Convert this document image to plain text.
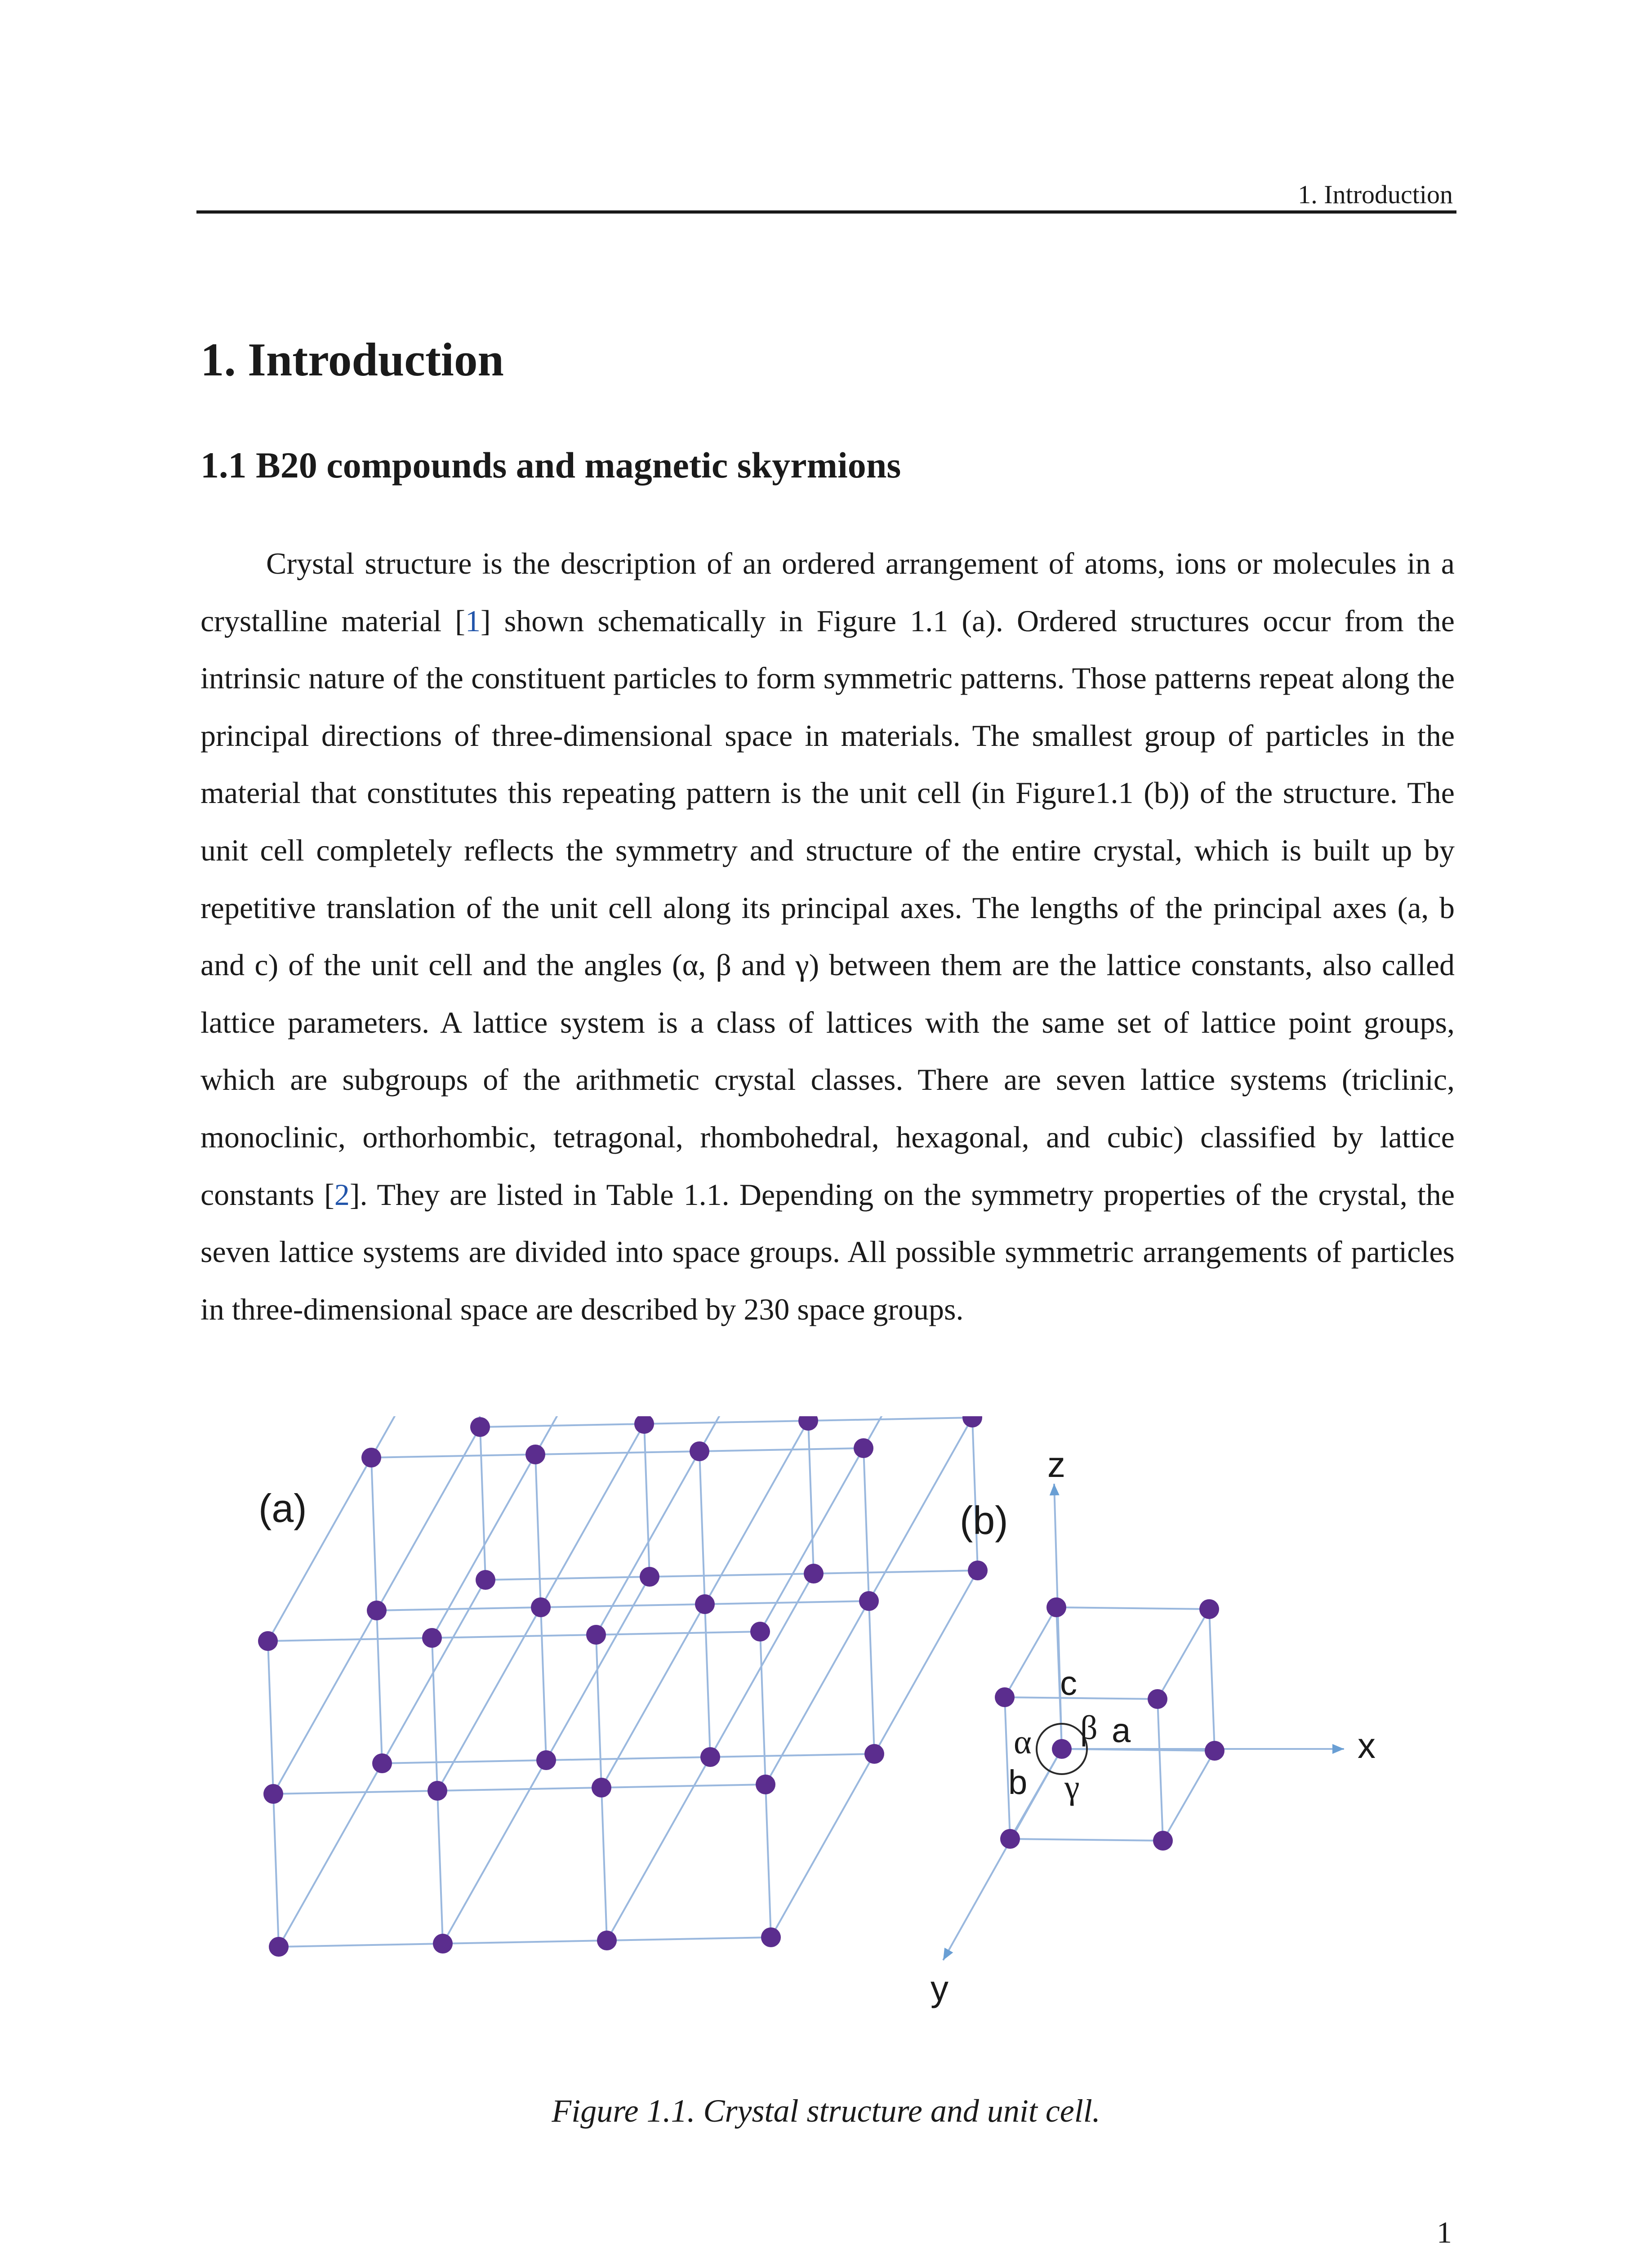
1. Introduction
1. Introduction
1.1 B20 compounds and magnetic skyrmions

Crystal structure is the description of an ordered arrangement of atoms, ions or molecules in a crystalline material [1] shown schematically in Figure 1.1 (a). Ordered structures occur from the intrinsic nature of the constituent particles to form symmetric patterns. Those patterns repeat along the principal directions of three-dimensional space in materials. The smallest group of particles in the material that constitutes this repeating pattern is the unit cell (in Figure1.1 (b)) of the structure. The unit cell completely reflects the symmetry and structure of the entire crystal, which is built up by repetitive translation of the unit cell along its principal axes. The lengths of the principal axes (a, b and c) of the unit cell and the angles (α, β and γ) between them are the lattice constants, also called lattice parameters. A lattice system is a class of lattices with the same set of lattice point groups, which are subgroups of the arithmetic crystal classes. There are seven lattice systems (triclinic, monoclinic, orthorhombic, tetragonal, rhombohedral, hexagonal, and cubic) classified by lattice constants [2]. They are listed in Table 1.1. Depending on the symmetry properties of the crystal, the seven lattice systems are divided into space groups. All possible symmetric arrangements of particles in three-dimensional space are described by 230 space groups.

(a)	(b)
z
x
y
c
a
b
α β
γ
Figure 1.1. Crystal structure and unit cell.
1
